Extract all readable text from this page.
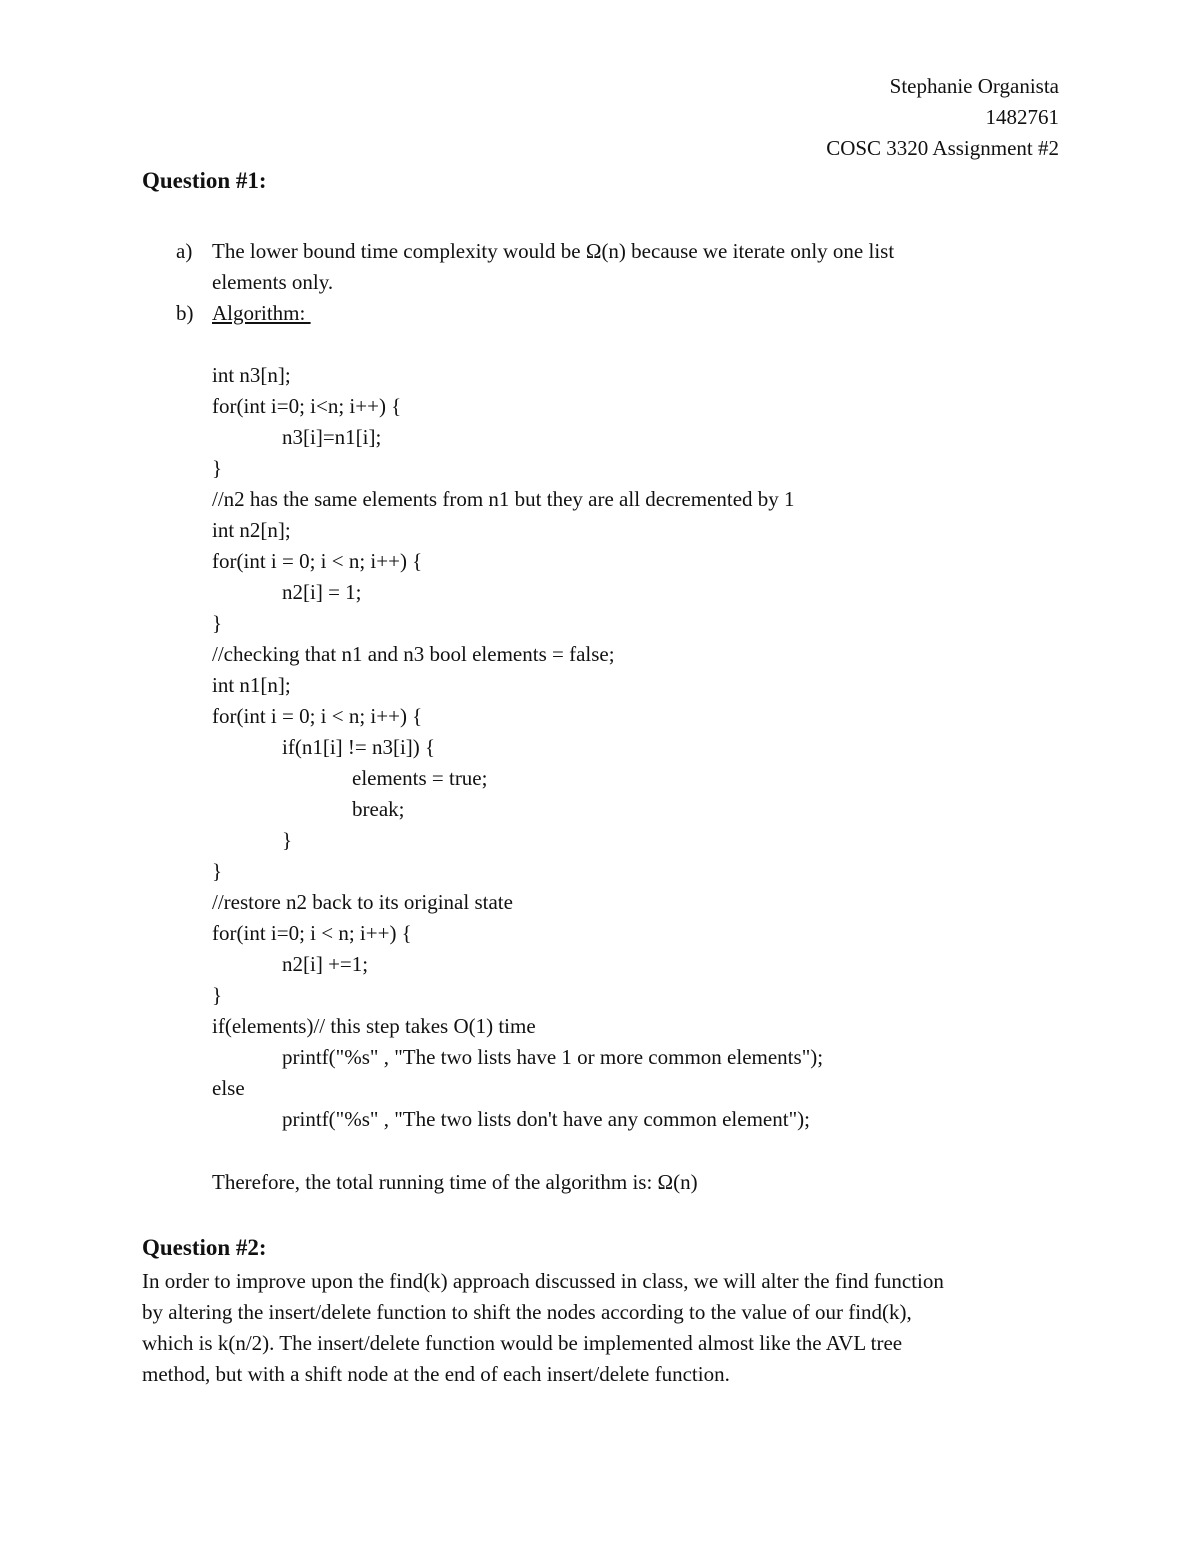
Stephanie Organista
1482761
COSC 3320 Assignment #2
Question #1:
a) The lower bound time complexity would be Ω(n) because we iterate only one list
elements only.
b) Algorithm:
int n3[n];
for(int i=0; i<n; i++) {
n3[i]=n1[i];
}
//n2 has the same elements from n1 but they are all decremented by 1
int n2[n];
for(int i = 0; i < n; i++) {
n2[i] = 1;
}
//checking that n1 and n3 bool elements = false;
int n1[n];
for(int i = 0; i < n; i++) {
if(n1[i] != n3[i]) {
elements = true;
break;
}
}
//restore n2 back to its original state
for(int i=0; i < n; i++) {
n2[i] +=1;
}
if(elements)// this step takes O(1) time
printf("%s" , "The two lists have 1 or more common elements");
else
printf("%s" , "The two lists don't have any common element");
Therefore, the total running time of the algorithm is: Ω(n)
Question #2:
In order to improve upon the find(k) approach discussed in class, we will alter the find function
by altering the insert/delete function to shift the nodes according to the value of our find(k),
which is k(n/2). The insert/delete function would be implemented almost like the AVL tree
method, but with a shift node at the end of each insert/delete function.
